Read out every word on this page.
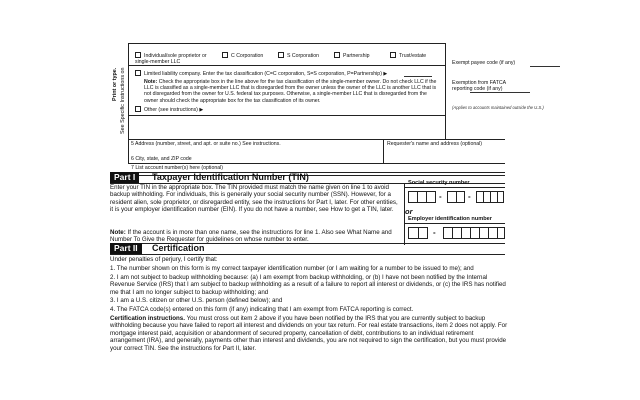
Print or type. See Specific Instructions on
Individual/sole proprietor or single-member LLC
C Corporation	S Corporation	Partnership	Trust/estate
Limited liability company. Enter the tax classification (C=C corporation, S=S corporation, P=Partnership) ▶
Note: Check the appropriate box in the line above for the tax classification of the single-member owner. Do not check LLC if the LLC is classified as a single-member LLC that is disregarded from the owner unless the owner of the LLC is another LLC that is not disregarded from the owner for U.S. federal tax purposes. Otherwise, a single-member LLC that is disregarded from the owner should check the appropriate box for the tax classification of its owner.
Other (see instructions) ▶
Exempt payee code (if any)
Exemption from FATCA reporting code (if any)
(Applies to accounts maintained outside the U.S.)
5 Address (number, street, and apt. or suite no.) See instructions.	Requester's name and address (optional)
6 City, state, and ZIP code
7 List account number(s) here (optional)
Part I	Taxpayer Identification Number (TIN)
Enter your TIN in the appropriate box. The TIN provided must match the name given on line 1 to avoid backup withholding. For individuals, this is generally your social security number (SSN). However, for a resident alien, sole proprietor, or disregarded entity, see the instructions for Part I, later. For other entities, it is your employer identification number (EIN). If you do not have a number, see How to get a TIN, later.
Note: If the account is in more than one name, see the instructions for line 1. Also see What Name and Number To Give the Requester for guidelines on whose number to enter.
Social security number
-	-
or
Employer identification number
-
Part II	Certification
Under penalties of perjury, I certify that:
1. The number shown on this form is my correct taxpayer identification number (or I am waiting for a number to be issued to me); and
2. I am not subject to backup withholding because: (a) I am exempt from backup withholding, or (b) I have not been notified by the Internal Revenue Service (IRS) that I am subject to backup withholding as a result of a failure to report all interest or dividends, or (c) the IRS has notified me that I am no longer subject to backup withholding; and
3. I am a U.S. citizen or other U.S. person (defined below); and
4. The FATCA code(s) entered on this form (if any) indicating that I am exempt from FATCA reporting is correct.
Certification instructions. You must cross out item 2 above if you have been notified by the IRS that you are currently subject to backup withholding because you have failed to report all interest and dividends on your tax return. For real estate transactions, item 2 does not apply. For mortgage interest paid, acquisition or abandonment of secured property, cancellation of debt, contributions to an individual retirement arrangement (IRA), and generally, payments other than interest and dividends, you are not required to sign the certification, but you must provide your correct TIN. See the instructions for Part II, later.
